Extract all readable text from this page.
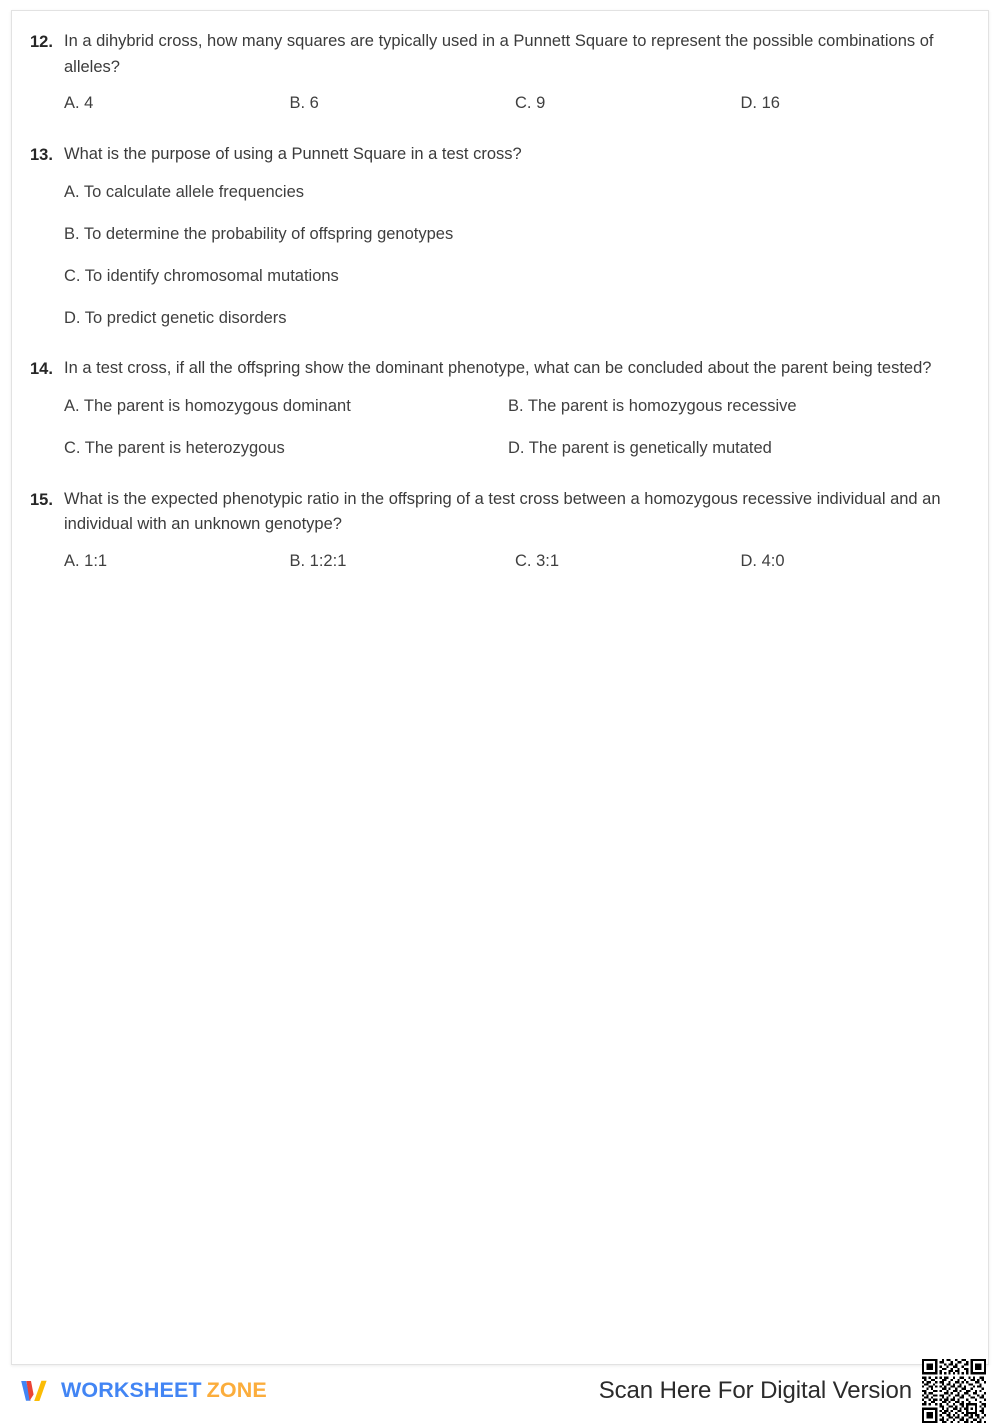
12. In a dihybrid cross, how many squares are typically used in a Punnett Square to represent the possible combinations of alleles?

A. 4	B. 6	C. 9	D. 16
13. What is the purpose of using a Punnett Square in a test cross?

A. To calculate allele frequencies
B. To determine the probability of offspring genotypes
C. To identify chromosomal mutations
D. To predict genetic disorders
14. In a test cross, if all the offspring show the dominant phenotype, what can be concluded about the parent being tested?

A. The parent is homozygous dominant	B. The parent is homozygous recessive
C. The parent is heterozygous	D. The parent is genetically mutated
15. What is the expected phenotypic ratio in the offspring of a test cross between a homozygous recessive individual and an individual with an unknown genotype?

A. 1:1	B. 1:2:1	C. 3:1	D. 4:0
WORKSHEET ZONE	Scan Here For Digital Version
